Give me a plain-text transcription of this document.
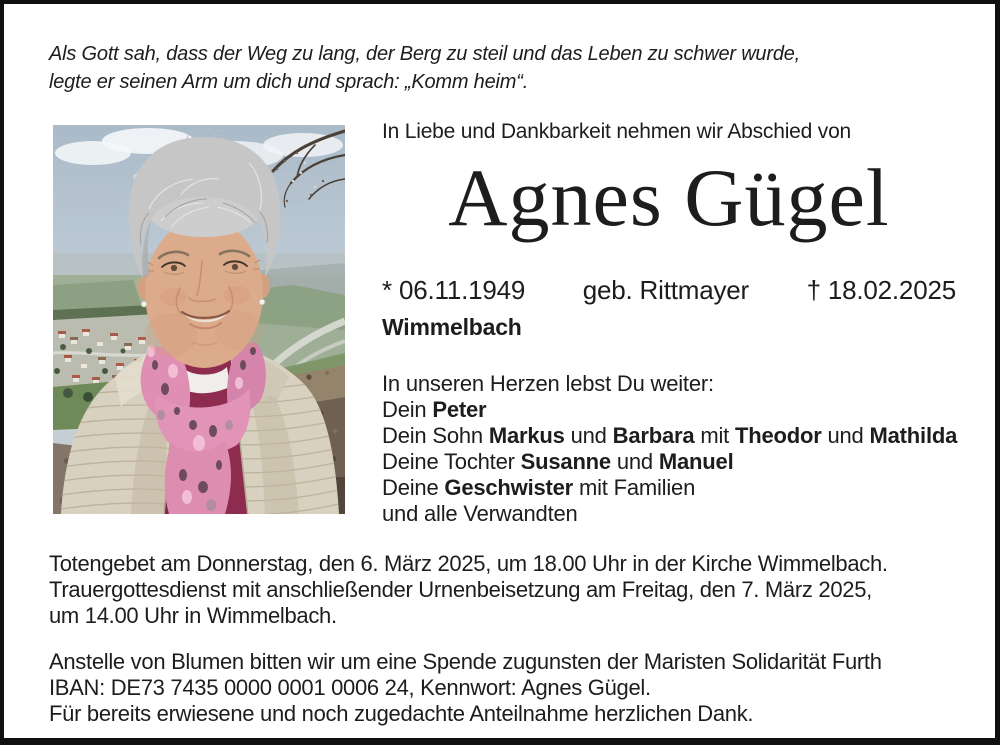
Als Gott sah, dass der Weg zu lang, der Berg zu steil und das Leben zu schwer wurde,
legte er seinen Arm um dich und sprach: „Komm heim“.
In Liebe und Dankbarkeit nehmen wir Abschied von
Agnes Gügel
* 06.11.1949 geb. Rittmayer † 18.02.2025
Wimmelbach
In unseren Herzen lebst Du weiter:
Dein Peter
Dein Sohn Markus und Barbara mit Theodor und Mathilda
Deine Tochter Susanne und Manuel
Deine Geschwister mit Familien
und alle Verwandten
Totengebet am Donnerstag, den 6. März 2025, um 18.00 Uhr in der Kirche Wimmelbach.
Trauergottesdienst mit anschließender Urnenbeisetzung am Freitag, den 7. März 2025,
um 14.00 Uhr in Wimmelbach.
Anstelle von Blumen bitten wir um eine Spende zugunsten der Maristen Solidarität Furth
IBAN: DE73 7435 0000 0001 0006 24, Kennwort: Agnes Gügel.
Für bereits erwiesene und noch zugedachte Anteilnahme herzlichen Dank.
